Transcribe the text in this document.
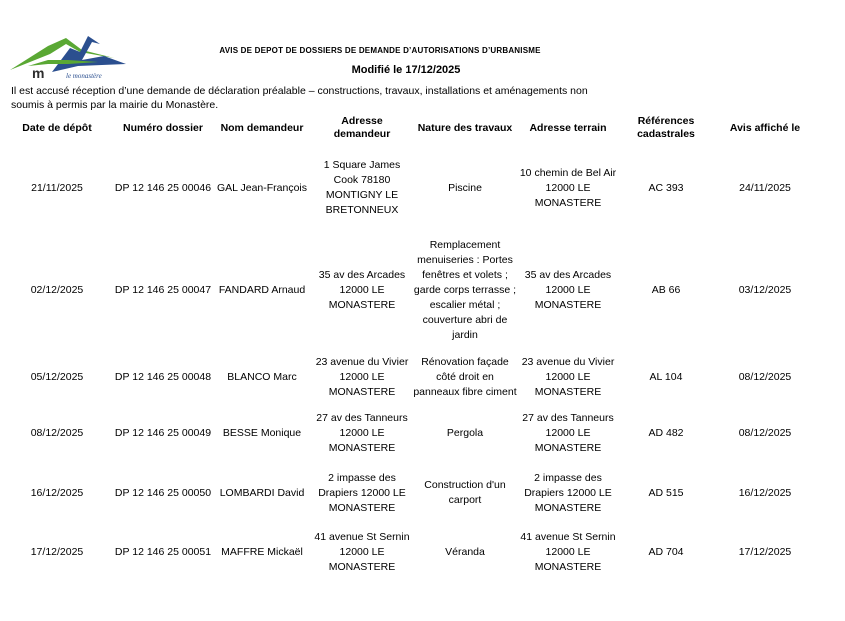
m	le monastère
AVIS DE DEPOT DE DOSSIERS DE DEMANDE D’AUTORISATIONS D’URBANISME
Modifié le 17/12/2025
Il est accusé réception d’une demande de déclaration préalable – constructions, travaux, installations et aménagements non soumis à permis par la mairie du Monastère.
Date de dépôt	Numéro dossier	Nom demandeur	Adresse demandeur	Nature des travaux	Adresse terrain	Références cadastrales	Avis affiché le
21/11/2025	DP 12 146 25 00046	GAL Jean-François	1 Square James Cook 78180 MONTIGNY LE BRETONNEUX	Piscine	10 chemin de Bel Air 12000 LE MONASTERE	AC 393	24/11/2025
02/12/2025	DP 12 146 25 00047	FANDARD Arnaud	35 av des Arcades 12000 LE MONASTERE	Remplacement menuiseries : Portes fenêtres et volets ; garde corps terrasse ; escalier métal ; couverture abri de jardin	35 av des Arcades 12000 LE MONASTERE	AB 66	03/12/2025
05/12/2025	DP 12 146 25 00048	BLANCO Marc	23 avenue du Vivier 12000 LE MONASTERE	Rénovation façade côté droit en panneaux fibre ciment	23 avenue du Vivier 12000 LE MONASTERE	AL 104	08/12/2025
08/12/2025	DP 12 146 25 00049	BESSE Monique	27 av des Tanneurs 12000 LE MONASTERE	Pergola	27 av des Tanneurs 12000 LE MONASTERE	AD 482	08/12/2025
16/12/2025	DP 12 146 25 00050	LOMBARDI David	2 impasse des Drapiers 12000 LE MONASTERE	Construction d'un carport	2 impasse des Drapiers 12000 LE MONASTERE	AD 515	16/12/2025
17/12/2025	DP 12 146 25 00051	MAFFRE Mickaël	41 avenue St Sernin 12000 LE MONASTERE	Véranda	41 avenue St Sernin 12000 LE MONASTERE	AD 704	17/12/2025
